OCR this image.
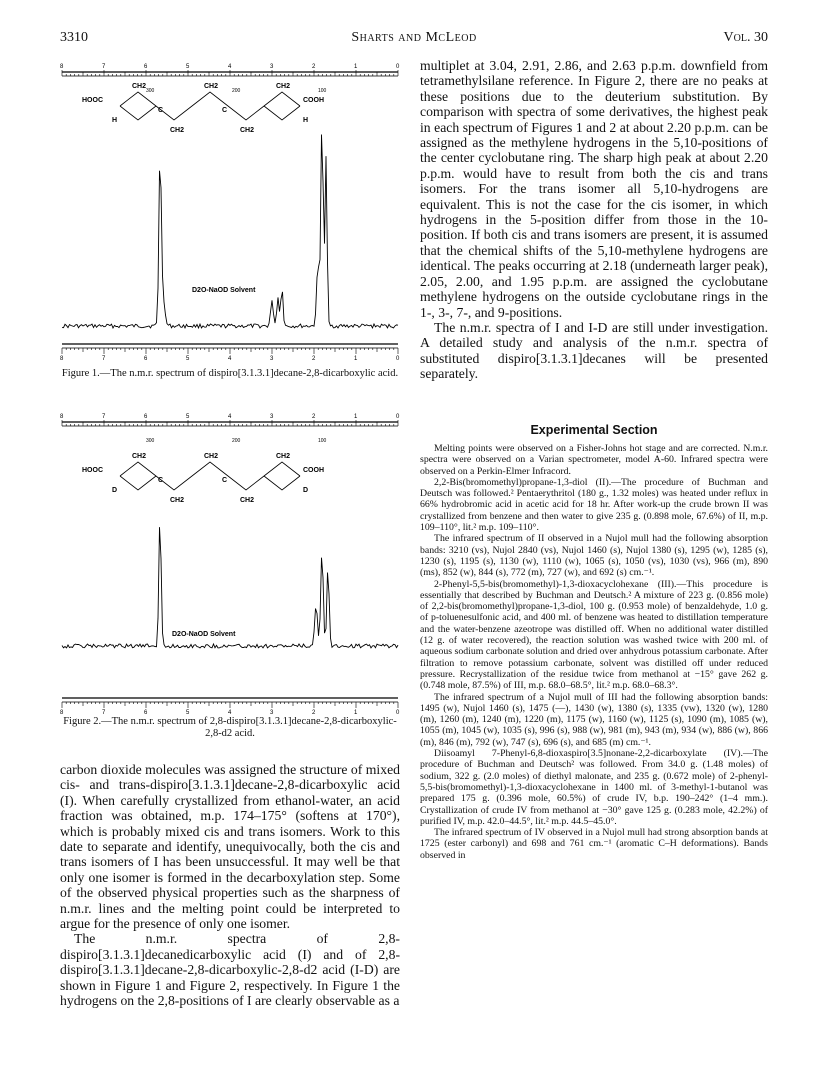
3310	Sharts and McLeod	Vol. 30
8	7	6	5	4	3	2	1	0
300	200	100
HOOC	COOH
H	H
CH2
CH2
CH2
CH2
CH2
C	C
D2O-NaOD Solvent
8	7	6	5	4	3	2	1	0
Figure 1.—The n.m.r. spectrum of dispiro[3.1.3.1]decane-2,8-dicarboxylic acid.
8	7	6	5	4	3	2	1	0
300	200	100
HOOC	COOH
D	D
CH2
CH2
CH2
CH2
CH2
C	C
D2O-NaOD Solvent
8	7	6	5	4	3	2	1	0
Figure 2.—The n.m.r. spectrum of 2,8-dispiro[3.1.3.1]decane-2,8-dicarboxylic-2,8-d2 acid.

carbon dioxide molecules was assigned the structure of mixed cis- and trans-dispiro[3.1.3.1]decane-2,8-dicarboxylic acid (I). When carefully crystallized from ethanol-water, an acid fraction was obtained, m.p. 174–175° (softens at 170°), which is probably mixed cis and trans isomers. Work to this date to separate and identify, unequivocally, both the cis and trans isomers of I has been unsuccessful. It may well be that only one isomer is formed in the decarboxylation step. Some of the observed physical properties such as the sharpness of n.m.r. lines and the melting point could be interpreted to argue for the presence of only one isomer.

The n.m.r. spectra of 2,8-dispiro[3.1.3.1]decanedicarboxylic acid (I) and of 2,8-dispiro[3.1.3.1]decane-2,8-dicarboxylic-2,8-d2 acid (I-D) are shown in Figure 1 and Figure 2, respectively. In Figure 1 the hydrogens on the 2,8-positions of I are clearly observable as a

multiplet at 3.04, 2.91, 2.86, and 2.63 p.p.m. downfield from tetramethylsilane reference. In Figure 2, there are no peaks at these positions due to the deuterium substitution. By comparison with spectra of some derivatives, the highest peak in each spectrum of Figures 1 and 2 at about 2.20 p.p.m. can be assigned as the methylene hydrogens in the 5,10-positions of the center cyclobutane ring. The sharp high peak at about 2.20 p.p.m. would have to result from both the cis and trans isomers. For the trans isomer all 5,10-hydrogens are equivalent. This is not the case for the cis isomer, in which hydrogens in the 5-position differ from those in the 10-position. If both cis and trans isomers are present, it is assumed that the chemical shifts of the 5,10-methylene hydrogens are identical. The peaks occurring at 2.18 (underneath larger peak), 2.05, 2.00, and 1.95 p.p.m. are assigned the cyclobutane methylene hydrogens on the outside cyclobutane rings in the 1-, 3-, 7-, and 9-positions.

The n.m.r. spectra of I and I-D are still under investigation. A detailed study and analysis of the n.m.r. spectra of substituted dispiro[3.1.3.1]decanes will be presented separately.

Experimental Section

Melting points were observed on a Fisher-Johns hot stage and are corrected. N.m.r. spectra were observed on a Varian spectrometer, model A-60. Infrared spectra were observed on a Perkin-Elmer Infracord.

2,2-Bis(bromomethyl)propane-1,3-diol (II).—The procedure of Buchman and Deutsch was followed.² Pentaerythritol (180 g., 1.32 moles) was heated under reflux in 66% hydrobromic acid in acetic acid for 18 hr. After work-up the crude brown II was crystallized from benzene and then water to give 235 g. (0.898 mole, 67.6%) of II, m.p. 109–110°, lit.² m.p. 109–110°.

The infrared spectrum of II observed in a Nujol mull had the following absorption bands: 3210 (vs), Nujol 2840 (vs), Nujol 1460 (s), Nujol 1380 (s), 1295 (w), 1285 (s), 1230 (s), 1195 (s), 1130 (w), 1110 (w), 1065 (s), 1050 (vs), 1030 (vs), 966 (m), 890 (ms), 852 (w), 844 (s), 772 (m), 727 (w), and 692 (s) cm.⁻¹.

2-Phenyl-5,5-bis(bromomethyl)-1,3-dioxacyclohexane (III).—This procedure is essentially that described by Buchman and Deutsch.² A mixture of 223 g. (0.856 mole) of 2,2-bis(bromomethyl)propane-1,3-diol, 100 g. (0.953 mole) of benzaldehyde, 1.0 g. of p-toluenesulfonic acid, and 400 ml. of benzene was heated to distillation temperature and the water-benzene azeotrope was distilled off. When no additional water distilled (12 g. of water recovered), the reaction solution was washed twice with 200 ml. of aqueous sodium carbonate solution and dried over anhydrous potassium carbonate. After filtration to remove potassium carbonate, solvent was distilled off under reduced pressure. Recrystallization of the residue twice from methanol at −15° gave 262 g. (0.748 mole, 87.5%) of III, m.p. 68.0–68.5°, lit.² m.p. 68.0–68.3°.

The infrared spectrum of a Nujol mull of III had the following absorption bands: 1495 (w), Nujol 1460 (s), 1475 (—), 1430 (w), 1380 (s), 1335 (vw), 1320 (w), 1280 (m), 1260 (m), 1240 (m), 1220 (m), 1175 (w), 1160 (w), 1125 (s), 1090 (m), 1085 (w), 1055 (m), 1045 (w), 1035 (s), 996 (s), 988 (w), 981 (m), 943 (m), 934 (w), 886 (w), 866 (m), 846 (m), 792 (w), 747 (s), 696 (s), and 685 (m) cm.⁻¹.

Diisoamyl 7-Phenyl-6,8-dioxaspiro[3.5]nonane-2,2-dicarboxylate (IV).—The procedure of Buchman and Deutsch² was followed. From 34.0 g. (1.48 moles) of sodium, 322 g. (2.0 moles) of diethyl malonate, and 235 g. (0.672 mole) of 2-phenyl-5,5-bis(bromomethyl)-1,3-dioxacyclohexane in 1400 ml. of 3-methyl-1-butanol was prepared 175 g. (0.396 mole, 60.5%) of crude IV, b.p. 190–242° (1–4 mm.). Crystallization of crude IV from methanol at −30° gave 125 g. (0.283 mole, 42.2%) of purified IV, m.p. 42.0–44.5°, lit.² m.p. 44.5–45.0°.

The infrared spectrum of IV observed in a Nujol mull had strong absorption bands at 1725 (ester carbonyl) and 698 and 761 cm.⁻¹ (aromatic C–H deformations). Bands observed in
